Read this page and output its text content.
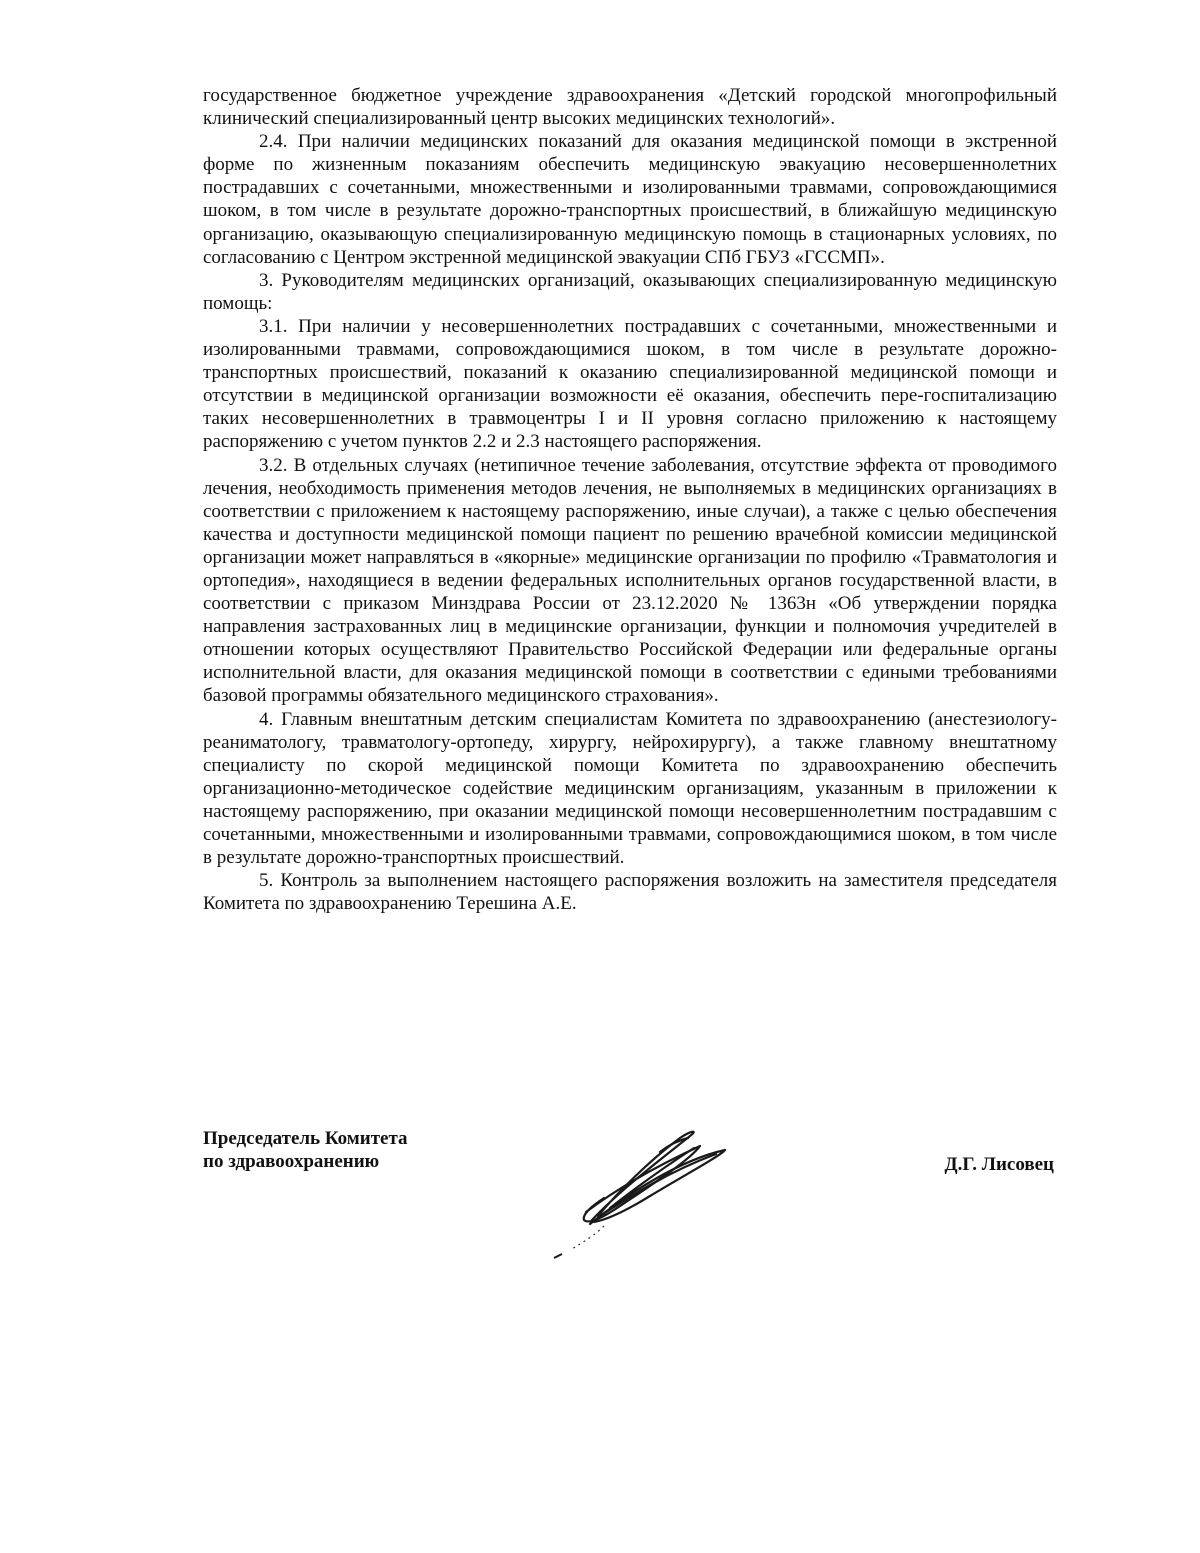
государственное бюджетное учреждение здравоохранения «Детский городской многопрофильный клинический специализированный центр высоких медицинских технологий».

2.4. При наличии медицинских показаний для оказания медицинской помощи в экстренной форме по жизненным показаниям обеспечить медицинскую эвакуацию несовершеннолетних пострадавших с сочетанными, множественными и изолированными травмами, сопровождающимися шоком, в том числе в результате дорожно-транспортных происшествий, в ближайшую медицинскую организацию, оказывающую специализированную медицинскую помощь в стационарных условиях, по согласованию с Центром экстренной медицинской эвакуации СПб ГБУЗ «ГССМП».

3. Руководителям медицинских организаций, оказывающих специализированную медицинскую помощь:

3.1. При наличии у несовершеннолетних пострадавших с сочетанными, множественными и изолированными травмами, сопровождающимися шоком, в том числе в результате дорожно-транспортных происшествий, показаний к оказанию специализированной медицинской помощи и отсутствии в медицинской организации возможности её оказания, обеспечить пере-госпитализацию таких несовершеннолетних в травмоцентры I и II уровня согласно приложению к настоящему распоряжению с учетом пунктов 2.2 и 2.3 настоящего распоряжения.

3.2. В отдельных случаях (нетипичное течение заболевания, отсутствие эффекта от проводимого лечения, необходимость применения методов лечения, не выполняемых в медицинских организациях в соответствии с приложением к настоящему распоряжению, иные случаи), а также с целью обеспечения качества и доступности медицинской помощи пациент по решению врачебной комиссии медицинской организации может направляться в «якорные» медицинские организации по профилю «Травматология и ортопедия», находящиеся в ведении федеральных исполнительных органов государственной власти, в соответствии с приказом Минздрава России от 23.12.2020 № 1363н «Об утверждении порядка направления застрахованных лиц в медицинские организации, функции и полномочия учредителей в отношении которых осуществляют Правительство Российской Федерации или федеральные органы исполнительной власти, для оказания медицинской помощи в соответствии с едиными требованиями базовой программы обязательного медицинского страхования».

4. Главным внештатным детским специалистам Комитета по здравоохранению (анестезиологу-реаниматологу, травматологу-ортопеду, хирургу, нейрохирургу), а также главному внештатному специалисту по скорой медицинской помощи Комитета по здравоохранению обеспечить организационно-методическое содействие медицинским организациям, указанным в приложении к настоящему распоряжению, при оказании медицинской помощи несовершеннолетним пострадавшим с сочетанными, множественными и изолированными травмами, сопровождающимися шоком, в том числе в результате дорожно-транспортных происшествий.

5. Контроль за выполнением настоящего распоряжения возложить на заместителя председателя Комитета по здравоохранению Терешина А.Е.

Председатель Комитета
по здравоохранению	Д.Г. Лисовец
